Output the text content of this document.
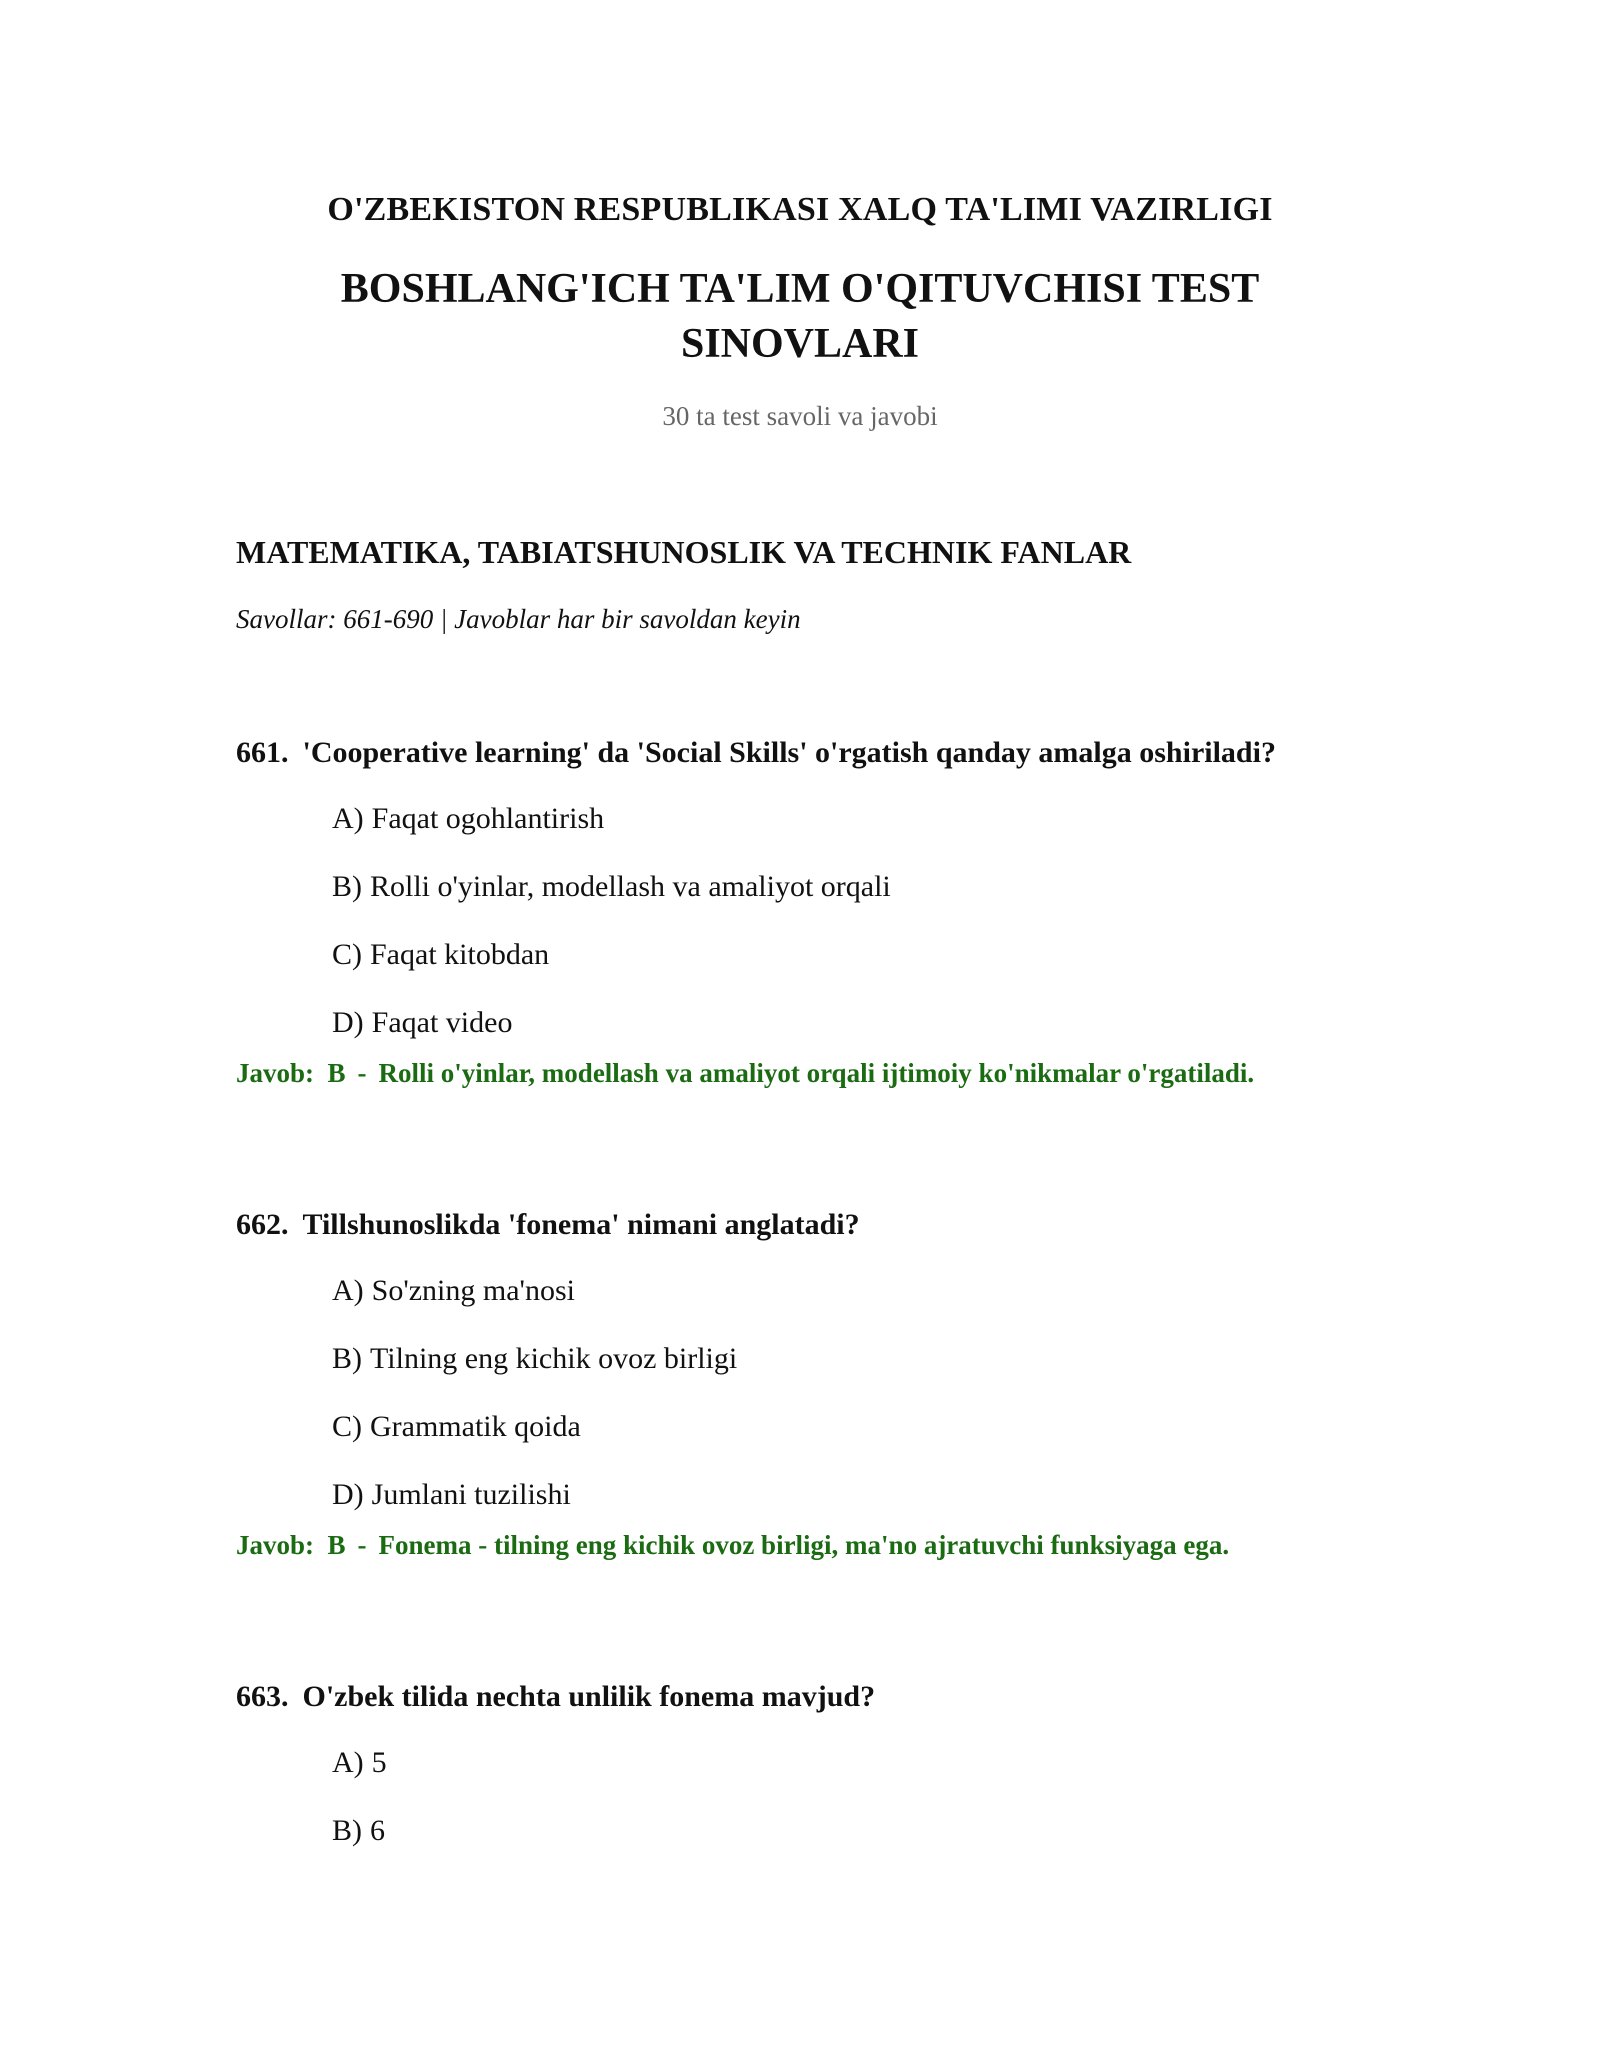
O'ZBEKISTON RESPUBLIKASI XALQ TA'LIMI VAZIRLIGI
BOSHLANG'ICH TA'LIM O'QITUVCHISI TEST SINOVLARI
30 ta test savoli va javobi
MATEMATIKA, TABIATSHUNOSLIK VA TECHNIK FANLAR
Savollar: 661-690 | Javoblar har bir savoldan keyin
661. 'Cooperative learning' da 'Social Skills' o'rgatish qanday amalga oshiriladi?
A) Faqat ogohlantirish
B) Rolli o'yinlar, modellash va amaliyot orqali
C) Faqat kitobdan
D) Faqat video
Javob: B - Rolli o'yinlar, modellash va amaliyot orqali ijtimoiy ko'nikmalar o'rgatiladi.
662. Tillshunoslikda 'fonema' nimani anglatadi?
A) So'zning ma'nosi
B) Tilning eng kichik ovoz birligi
C) Grammatik qoida
D) Jumlani tuzilishi
Javob: B - Fonema - tilning eng kichik ovoz birligi, ma'no ajratuvchi funksiyaga ega.
663. O'zbek tilida nechta unlilik fonema mavjud?
A) 5
B) 6
